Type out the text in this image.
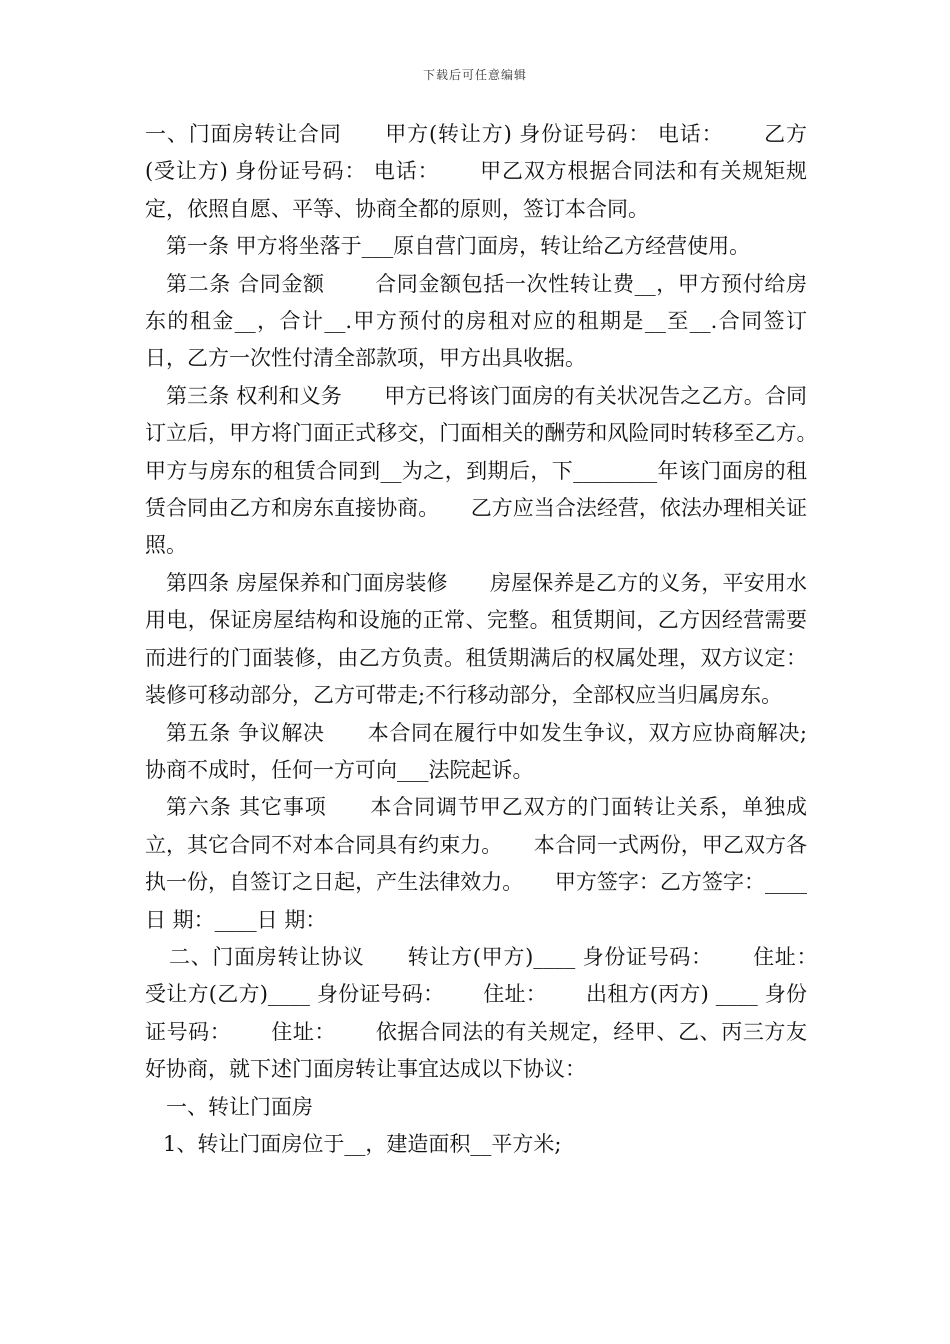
下载后可任意编辑

一、门面房转让合同　　甲方(转让方) 身份证号码： 电话：　　 乙方(受让方) 身份证号码： 电话：　　 甲乙双方根据合同法和有关规矩规定，依照自愿、平等、协商全都的原则，签订本合同。

第一条 甲方将坐落于___原自营门面房，转让给乙方经营使用。

第二条 合同金额　　 合同金额包括一次性转让费__，甲方预付给房东的租金__，合计__.甲方预付的房租对应的租期是__至__.合同签订日，乙方一次性付清全部款项，甲方出具收据。

第三条 权利和义务　　甲方已将该门面房的有关状况告之乙方。合同订立后，甲方将门面正式移交，门面相关的酬劳和风险同时转移至乙方。　　甲方与房东的租赁合同到__为之，到期后，下________年该门面房的租赁合同由乙方和房东直接协商。　　乙方应当合法经营，依法办理相关证照。

第四条 房屋保养和门面房装修　　房屋保养是乙方的义务，平安用水用电，保证房屋结构和设施的正常、完整。租赁期间，乙方因经营需要而进行的门面装修，由乙方负责。租赁期满后的权属处理，双方议定：装修可移动部分，乙方可带走;不行移动部分，全部权应当归属房东。

第五条 争议解决　　本合同在履行中如发生争议，双方应协商解决;协商不成时，任何一方可向___法院起诉。

第六条 其它事项　　本合同调节甲乙双方的门面转让关系，单独成立，其它合同不对本合同具有约束力。　　本合同一式两份，甲乙双方各执一份，自签订之日起，产生法律效力。　　甲方签字：乙方签字：____日 期：____日 期：

二、门面房转让协议　　转让方(甲方)____ 身份证号码：　　 住址：　　 受让方(乙方)____ 身份证号码：　　 住址：　　 出租方(丙方) ____ 身份证号码：　　 住址：　　 依据合同法的有关规定，经甲、乙、丙三方友好协商，就下述门面房转让事宜达成以下协议：

一、转让门面房

1、转让门面房位于__，建造面积__平方米;
